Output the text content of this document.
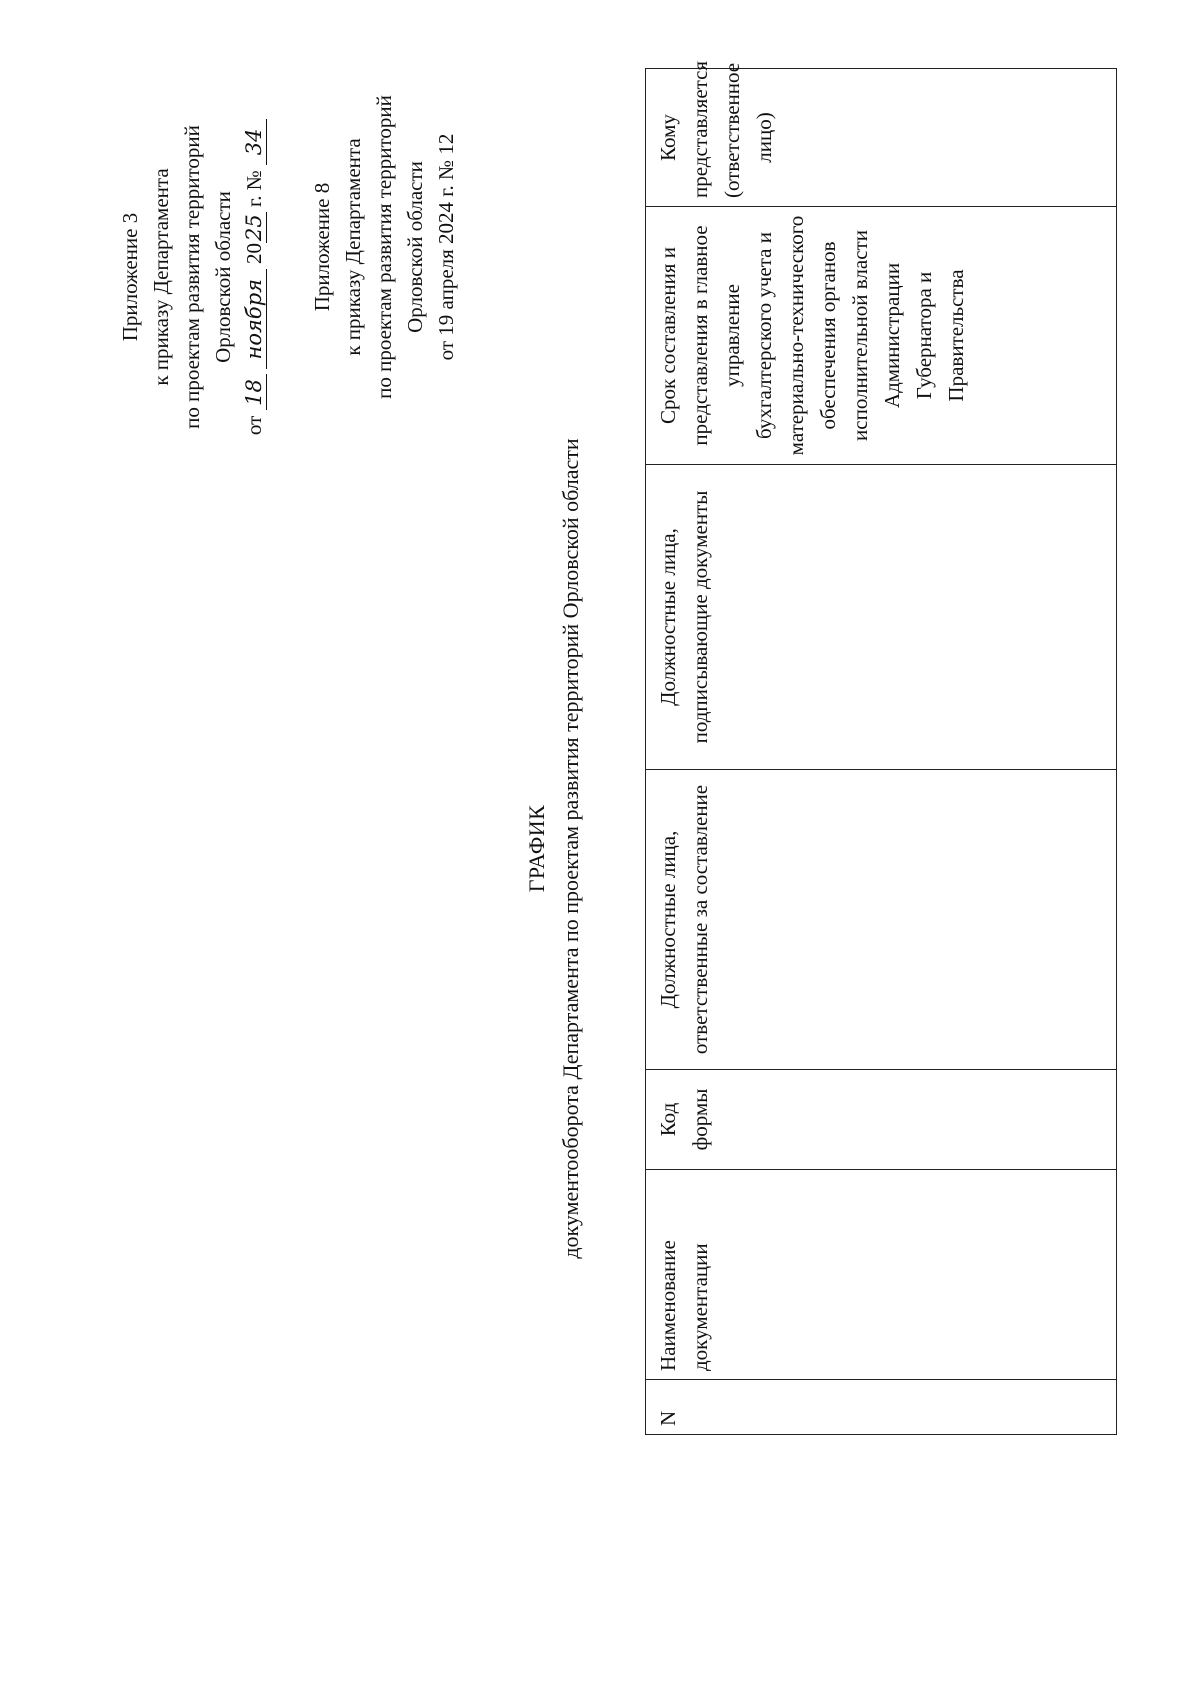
Приложение 3 к приказу Департамента по проектам развития территорий Орловской области
от 18 ноября 2025 г. № 34
Приложение 8 к приказу Департамента по проектам развития территорий Орловской области от 19 апреля 2024 г. № 12
ГРАФИК документооборота Департамента по проектам развития территорий Орловской области
N	Наименование документации	Код формы	Должностные лица, ответственные за составление	Должностные лица, подписывающие документы	Срок составления и представления в главное управление бухгалтерского учета и материально-технического обеспечения органов исполнительной власти Администрации Губернатора и Правительства	Кому представляется (ответственное лицо)
